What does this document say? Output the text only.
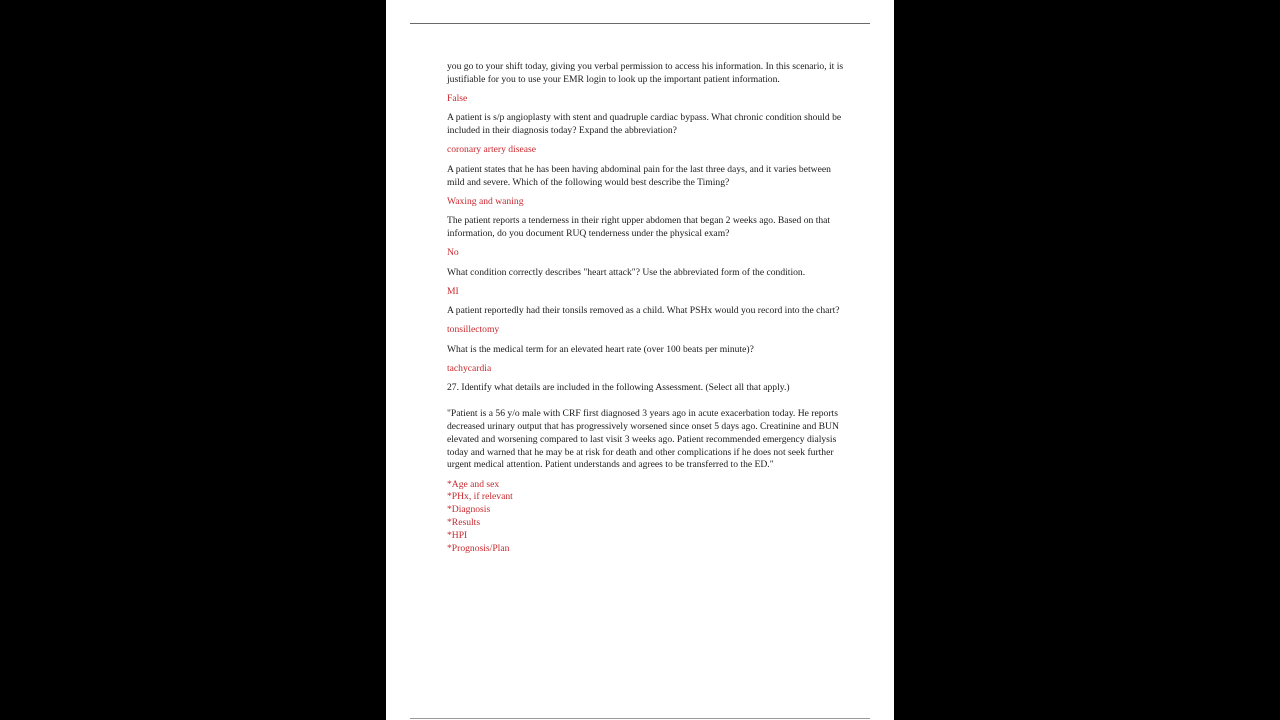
you go to your shift today, giving you verbal permission to access his information. In this scenario, it is justifiable for you to use your EMR login to look up the important patient information.

False

A patient is s/p angioplasty with stent and quadruple cardiac bypass. What chronic condition should be included in their diagnosis today? Expand the abbreviation?

coronary artery disease

A patient states that he has been having abdominal pain for the last three days, and it varies between mild and severe. Which of the following would best describe the Timing?

Waxing and waning

The patient reports a tenderness in their right upper abdomen that began 2 weeks ago. Based on that information, do you document RUQ tenderness under the physical exam?

No

What condition correctly describes "heart attack"? Use the abbreviated form of the condition.

MI

A patient reportedly had their tonsils removed as a child. What PSHx would you record into the chart?

tonsillectomy

What is the medical term for an elevated heart rate (over 100 beats per minute)?

tachycardia

27. Identify what details are included in the following Assessment. (Select all that apply.)

"Patient is a 56 y/o male with CRF first diagnosed 3 years ago in acute exacerbation today. He reports decreased urinary output that has progressively worsened since onset 5 days ago. Creatinine and BUN elevated and worsening compared to last visit 3 weeks ago. Patient recommended emergency dialysis today and warned that he may be at risk for death and other complications if he does not seek further urgent medical attention. Patient understands and agrees to be transferred to the ED."

*Age and sex
*PHx, if relevant
*Diagnosis
*Results
*HPI
*Prognosis/Plan
